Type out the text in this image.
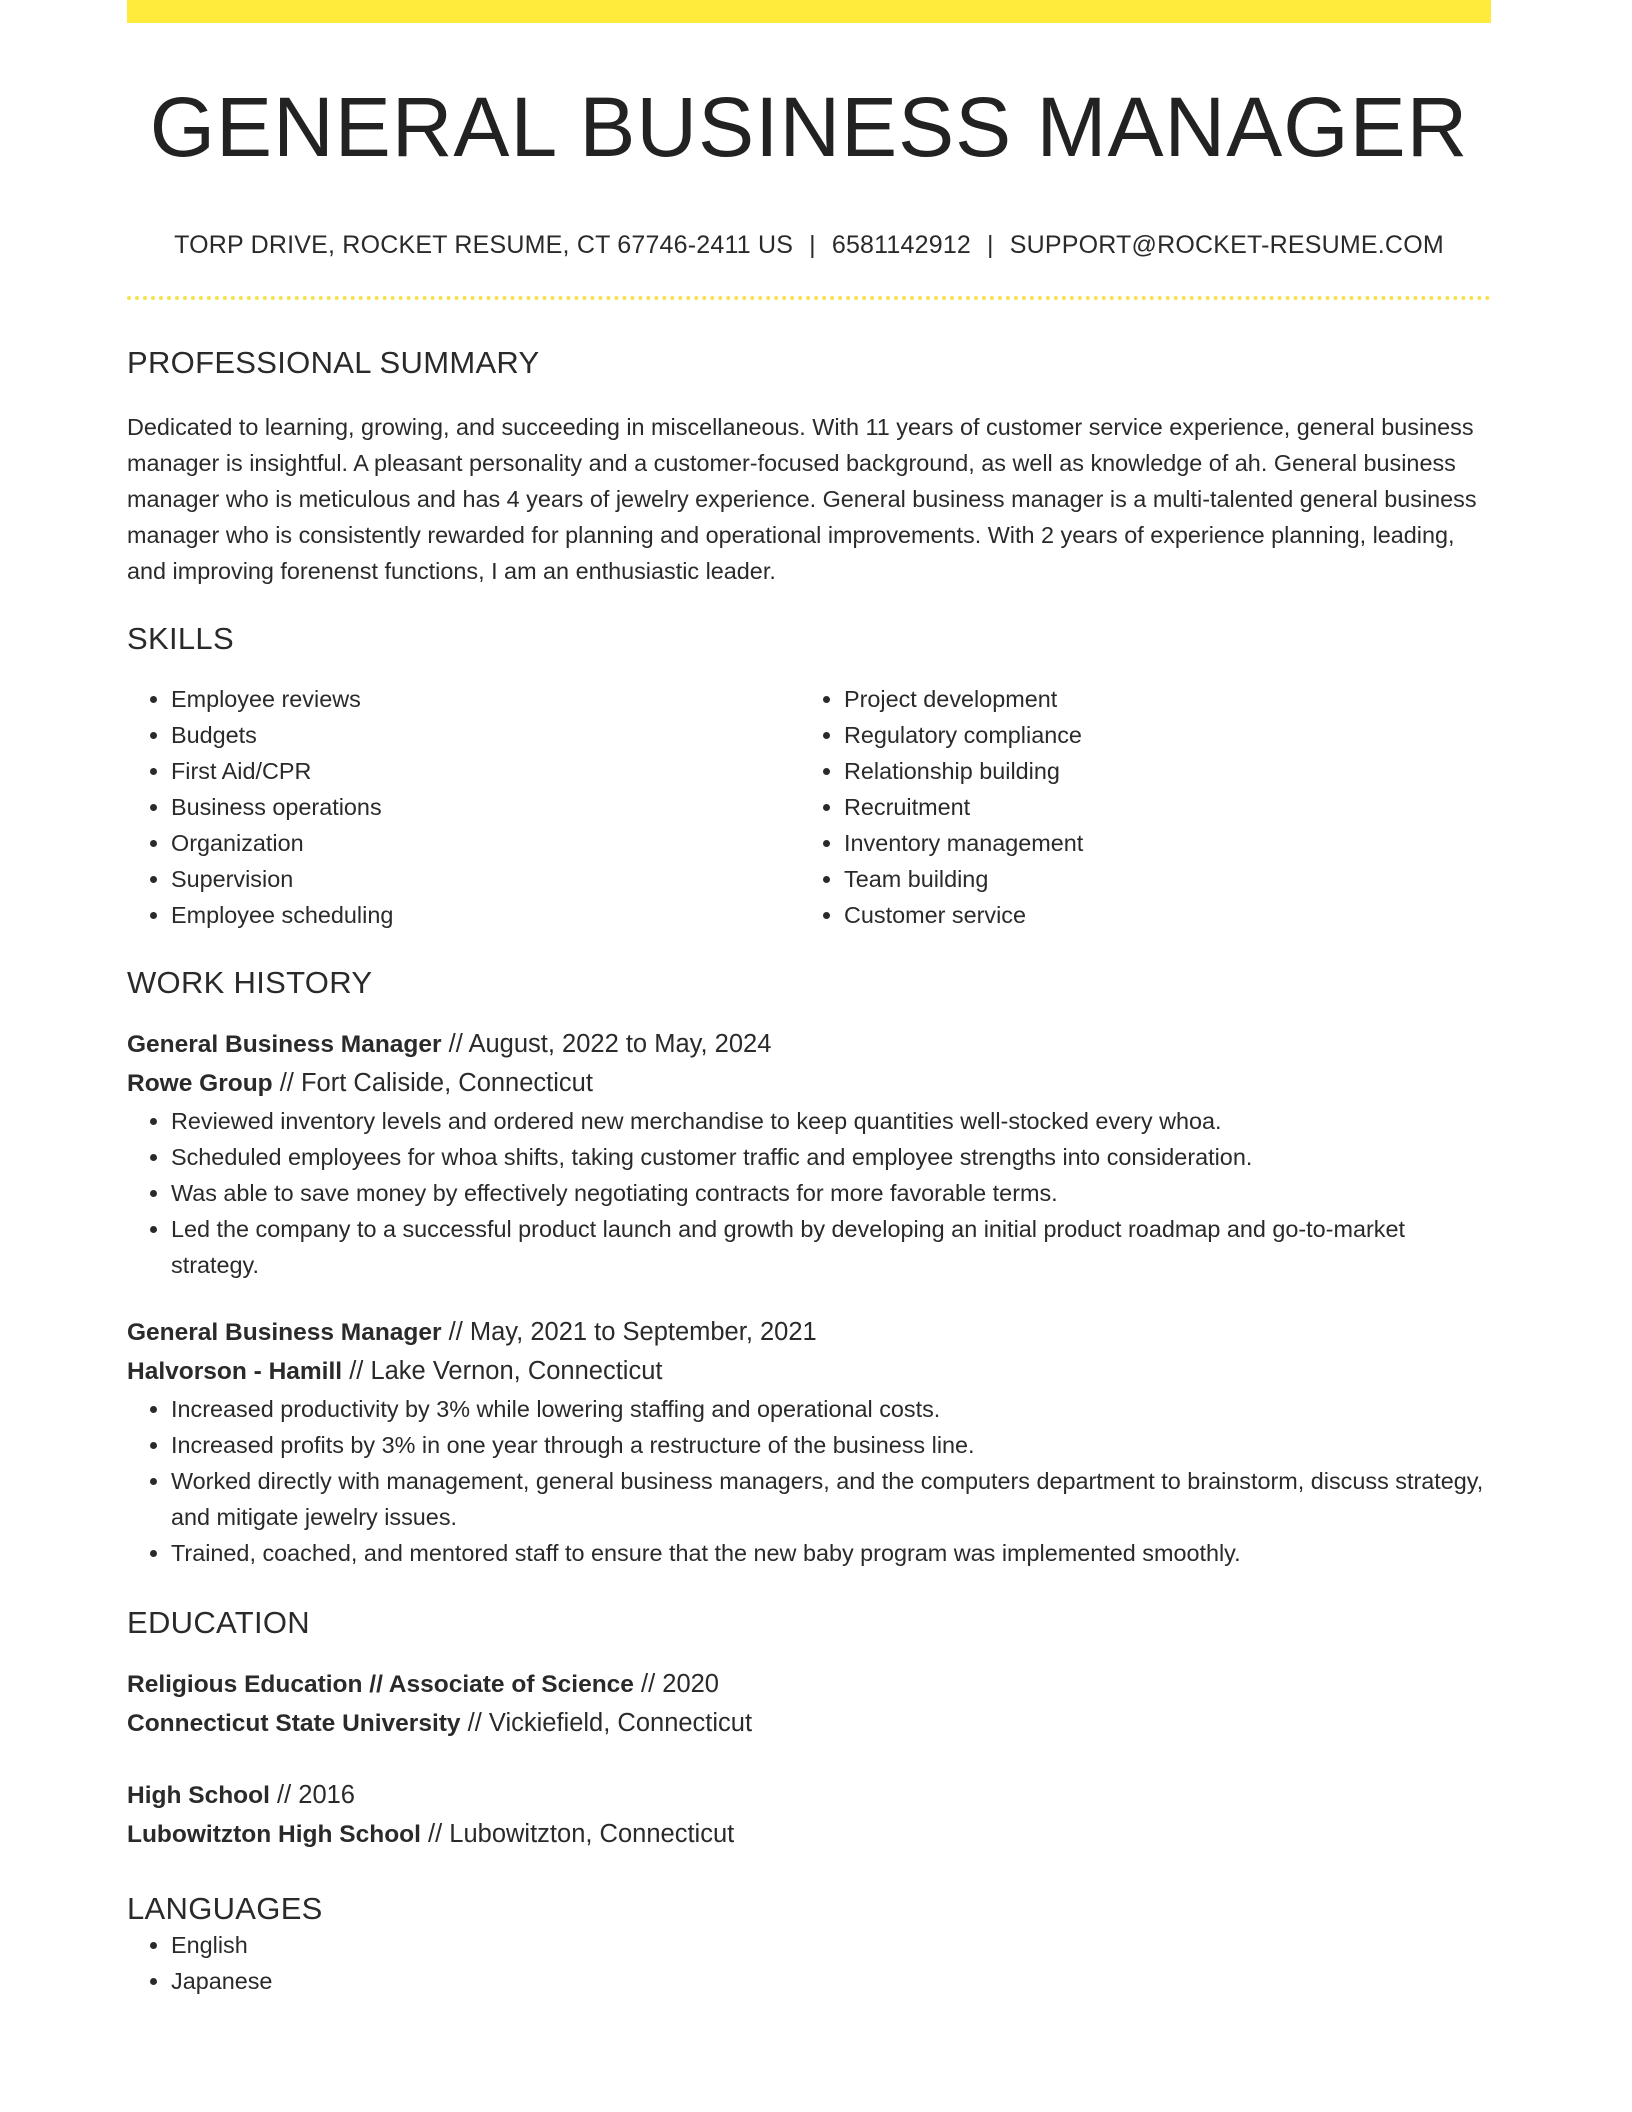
GENERAL BUSINESS MANAGER
TORP DRIVE, ROCKET RESUME, CT 67746-2411 US | 6581142912 | SUPPORT@ROCKET-RESUME.COM
PROFESSIONAL SUMMARY
Dedicated to learning, growing, and succeeding in miscellaneous. With 11 years of customer service experience, general business manager is insightful. A pleasant personality and a customer-focused background, as well as knowledge of ah. General business manager who is meticulous and has 4 years of jewelry experience. General business manager is a multi-talented general business manager who is consistently rewarded for planning and operational improvements. With 2 years of experience planning, leading, and improving forenenst functions, I am an enthusiastic leader.
SKILLS
• Employee reviews
• Budgets
• First Aid/CPR
• Business operations
• Organization
• Supervision
• Employee scheduling
• Project development
• Regulatory compliance
• Relationship building
• Recruitment
• Inventory management
• Team building
• Customer service
WORK HISTORY
General Business Manager // August, 2022 to May, 2024
Rowe Group // Fort Caliside, Connecticut
• Reviewed inventory levels and ordered new merchandise to keep quantities well-stocked every whoa.
• Scheduled employees for whoa shifts, taking customer traffic and employee strengths into consideration.
• Was able to save money by effectively negotiating contracts for more favorable terms.
• Led the company to a successful product launch and growth by developing an initial product roadmap and go-to-market strategy.
General Business Manager // May, 2021 to September, 2021
Halvorson - Hamill // Lake Vernon, Connecticut
• Increased productivity by 3% while lowering staffing and operational costs.
• Increased profits by 3% in one year through a restructure of the business line.
• Worked directly with management, general business managers, and the computers department to brainstorm, discuss strategy, and mitigate jewelry issues.
• Trained, coached, and mentored staff to ensure that the new baby program was implemented smoothly.
EDUCATION
Religious Education // Associate of Science // 2020
Connecticut State University // Vickiefield, Connecticut
High School // 2016
Lubowitzton High School // Lubowitzton, Connecticut
LANGUAGES
• English
• Japanese
